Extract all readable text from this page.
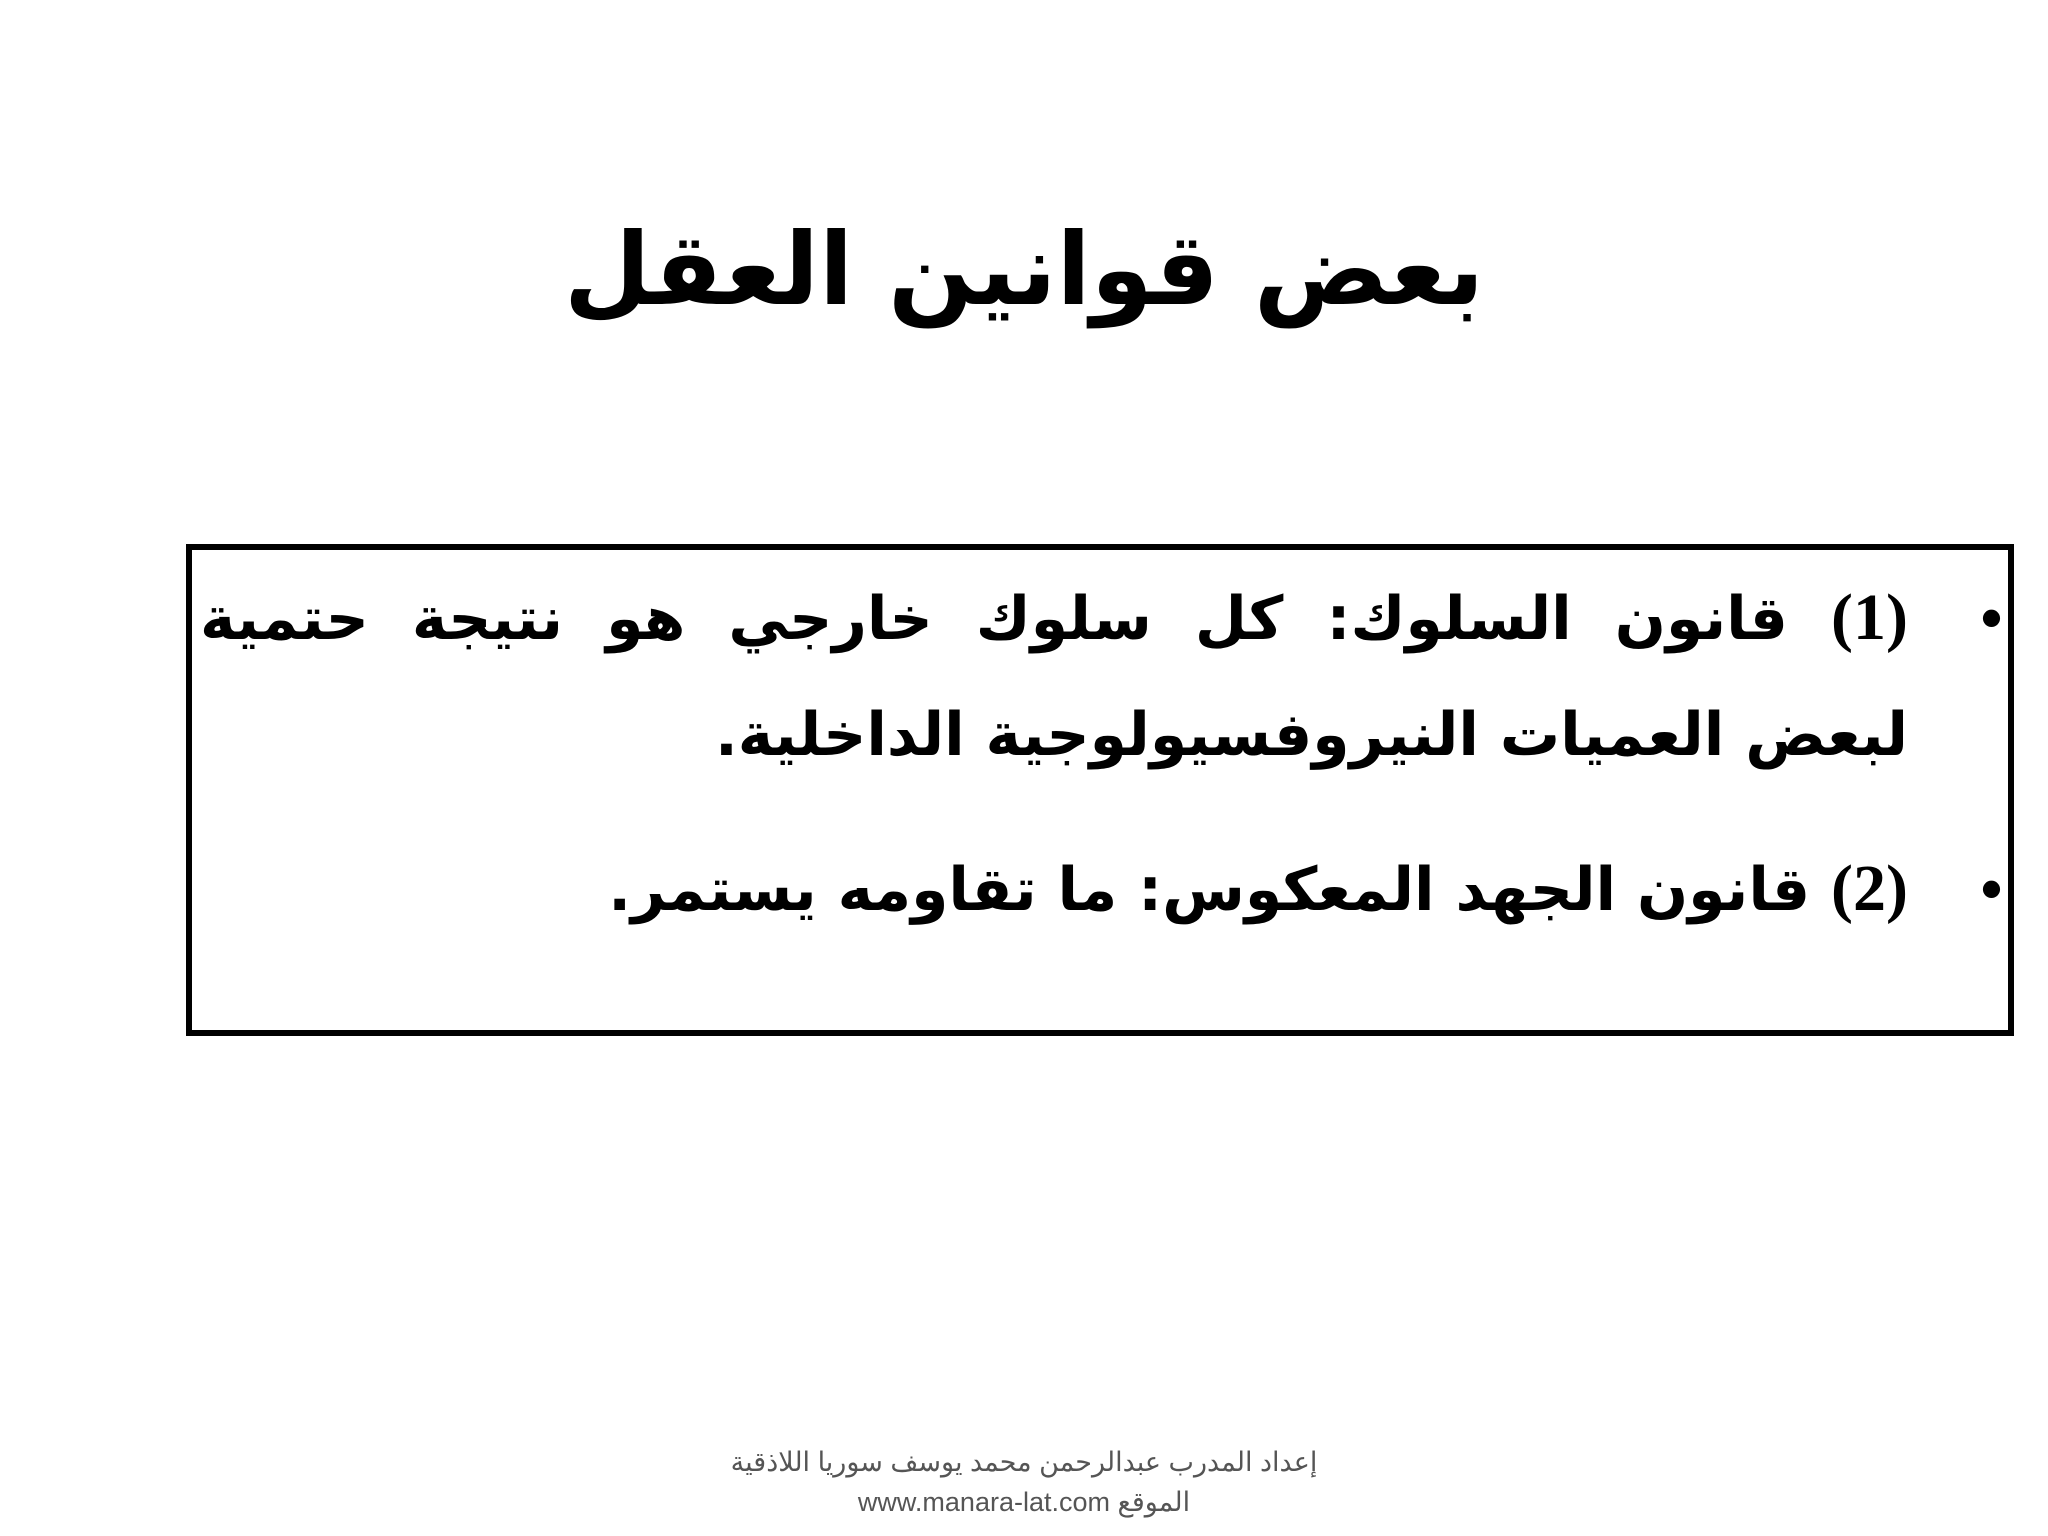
بعض قوانين العقل
•
(1) قانون السلوك: كل سلوك خارجي هو نتيجة حتمية لبعض العميات النيروفسيولوجية الداخلية.
•
(2) قانون الجهد المعكوس: ما تقاومه يستمر.
إعداد المدرب عبدالرحمن محمد يوسف سوريا اللاذقية
www.manara-lat.com الموقع
